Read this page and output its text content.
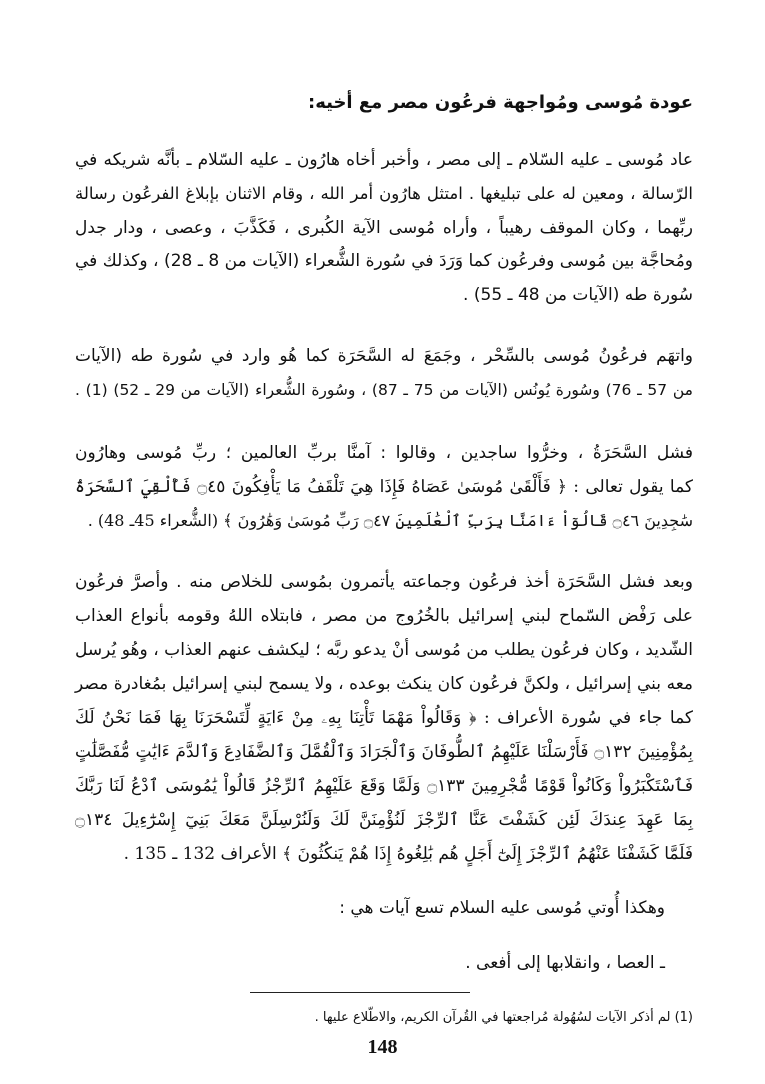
عودة مُوسى ومُواجهة فرعُون مصر مع أخيه:
عاد مُوسى ـ عليه السّلام ـ إلى مصر ، وأخبر أخاه هارُون ـ عليه السّلام ـ بأنَّه شريكه في
الرّسالة ، ومعين له على تبليغها . امتثل هارُون أمر الله ، وقام الاثنان بإبلاغ الفرعُون رسالة
ربِّهما ، وكان الموقف رهيباً ، وأراه مُوسى الآية الكُبرى ، فَكَذَّبَ ، وعصى ، ودار جدل
ومُحاجَّة بين مُوسى وفرعُون كما وَرَدَ في سُورة الشُّعراء (الآيات من 8 ـ 28) ، وكذلك في
سُورة طه (الآيات من 48 ـ 55) .
واتهَم فرعُونُ مُوسى بالسِّحْر ، وجَمَعَ له السَّحَرَة كما هُو وارد في سُورة طه (الآيات
من 57 ـ 76) وسُورة يُونُس (الآيات من 75 ـ 87) ، وسُورة الشُّعراء (الآيات من 29 ـ 52) (1) .
فشل السَّحَرَةُ ، وخرُّوا ساجدين ، وقالوا : آمنَّا بربِّ العالمين ؛ ربِّ مُوسى وهارُون
كما يقول تعالى : ﴿ فَأَلْقَىٰ مُوسَىٰ عَصَاهُ فَإِذَا هِيَ تَلْقَفُ مَا يَأْفِكُونَ ۝٤٥ فَأُلْقِيَ ٱلسَّحَرَةُ
سَٰجِدِينَ ۝٤٦ قَالُوٓاْ ءَامَنَّا بِرَبِّ ٱلْعَٰلَمِينَ ۝٤٧ رَبِّ مُوسَىٰ وَهَٰرُونَ ﴾ (الشُّعراء 45ـ 48) .
وبعد فشل السَّحَرَة أخذ فرعُون وجماعته يأتمرون بمُوسى للخلاص منه . وأصرَّ فرعُون
على رَفْض السّماح لبني إسرائيل بالخُرُوج من مصر ، فابتلاه اللهُ وقومه بأنواع العذاب
الشّديد ، وكان فرعُون يطلب من مُوسى أنْ يدعو ربَّه ؛ ليكشف عنهم العذاب ، وهُو يُرسل
معه بني إسرائيل ، ولكنَّ فرعُون كان ينكث بوعده ، ولا يسمح لبني إسرائيل بمُغادرة مصر
كما جاء في سُورة الأعراف : ﴿ وَقَالُواْ مَهْمَا تَأْتِنَا بِهِۦ مِنْ ءَايَةٍ لِّتَسْحَرَنَا بِهَا فَمَا نَحْنُ لَكَ
بِمُؤْمِنِينَ ۝١٣٢ فَأَرْسَلْنَا عَلَيْهِمُ ٱلطُّوفَانَ وَٱلْجَرَادَ وَٱلْقُمَّلَ وَٱلضَّفَادِعَ وَٱلدَّمَ ءَايَٰتٍ مُّفَصَّلَٰتٍ
فَٱسْتَكْبَرُواْ وَكَانُواْ قَوْمًا مُّجْرِمِينَ ۝١٣٣ وَلَمَّا وَقَعَ عَلَيْهِمُ ٱلرِّجْزُ قَالُواْ يَٰمُوسَى ٱدْعُ لَنَا رَبَّكَ
بِمَا عَهِدَ عِندَكَ لَئِن كَشَفْتَ عَنَّا ٱلرِّجْزَ لَنُؤْمِنَنَّ لَكَ وَلَنُرْسِلَنَّ مَعَكَ بَنِيٓ إِسْرَٰٓءِيلَ ۝١٣٤
فَلَمَّا كَشَفْنَا عَنْهُمُ ٱلرِّجْزَ إِلَىٰٓ أَجَلٍ هُم بَٰلِغُوهُ إِذَا هُمْ يَنكُثُونَ ﴾ الأعراف 132 ـ 135 .
وهكذا أُوتي مُوسى عليه السلام تسع آيات هي :
ـ العصا ، وانقلابها إلى أفعى .
(1) لم أذكر الآيات لسُهُولة مُراجعتها في القُرآن الكريم، والاطّلاع عليها .
148
